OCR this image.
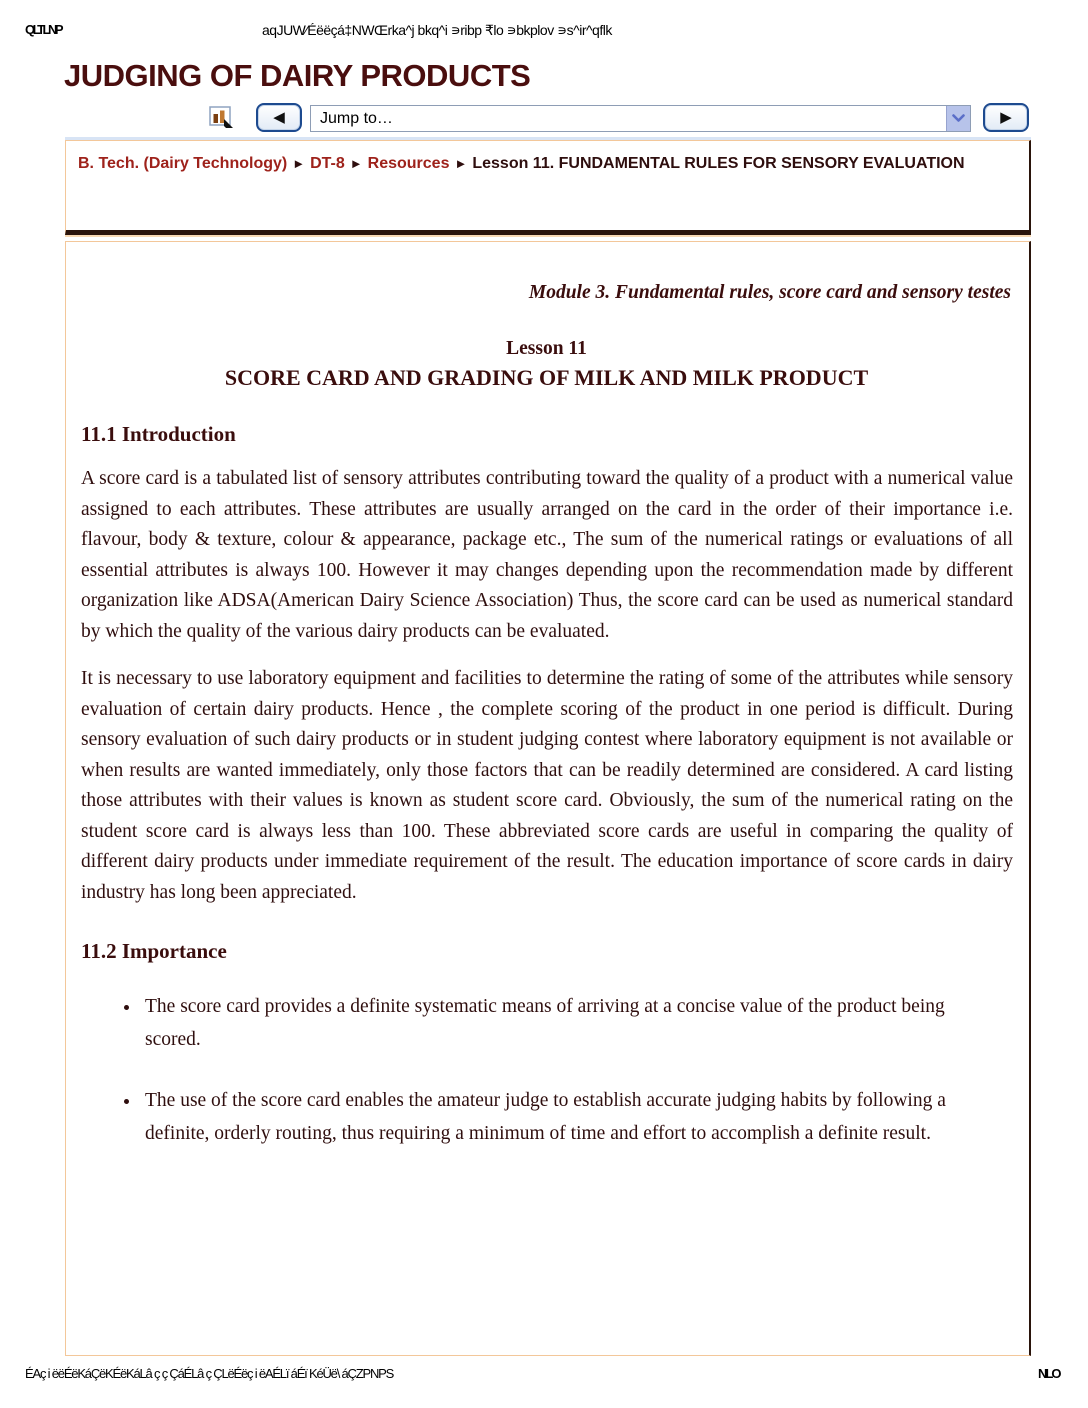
QLTLNP	aqJUW⁄Éëëçá‡NWŒrka^j bkq^i ∍ribp ₹lo ∍bkplov ∍s^ir^qflk
JUDGING OF DAIRY PRODUCTS
◀	Jump to…	▶
B. Tech. (Dairy Technology) ► DT-8 ► Resources ► Lesson 11. FUNDAMENTAL RULES FOR SENSORY EVALUATION

Module 3. Fundamental rules, score card and sensory testes

Lesson 11

SCORE CARD AND GRADING OF MILK AND MILK PRODUCT

11.1 Introduction

A score card is a tabulated list of sensory attributes contributing toward the quality of a product with a numerical value assigned to each attributes. These attributes are usually arranged on the card in the order of their importance i.e. flavour, body & texture, colour & appearance, package etc., The sum of the numerical ratings or evaluations of all essential attributes is always 100. However it may changes depending upon the recommendation made by different organization like ADSA(American Dairy Science Association) Thus, the score card can be used as numerical standard by which the quality of the various dairy products can be evaluated.

It is necessary to use laboratory equipment and facilities to determine the rating of some of the attributes while sensory evaluation of certain dairy products. Hence , the complete scoring of the product in one period is difficult. During sensory evaluation of such dairy products or in student judging contest where laboratory equipment is not available or when results are wanted immediately, only those factors that can be readily determined are considered. A card listing those attributes with their values is known as student score card. Obviously, the sum of the numerical rating on the student score card is always less than 100. These abbreviated score cards are useful in comparing the quality of different dairy products under immediate requirement of the result. The education importance of score cards in dairy industry has long been appreciated.

11.2 Importance
• The score card provides a definite systematic means of arriving at a concise value of the product being scored.
• The use of the score card enables the amateur judge to establish accurate judging habits by following a definite, orderly routing, thus requiring a minimum of time and effort to accomplish a definite result.
ÉAç i ëëÉëKáÇëKÉëKáLâ ç ç ÇáÉLâ ç ÇLëÉëç i ëAÉLï áÉï KéÜë\ áÇZPNPS	NLO
